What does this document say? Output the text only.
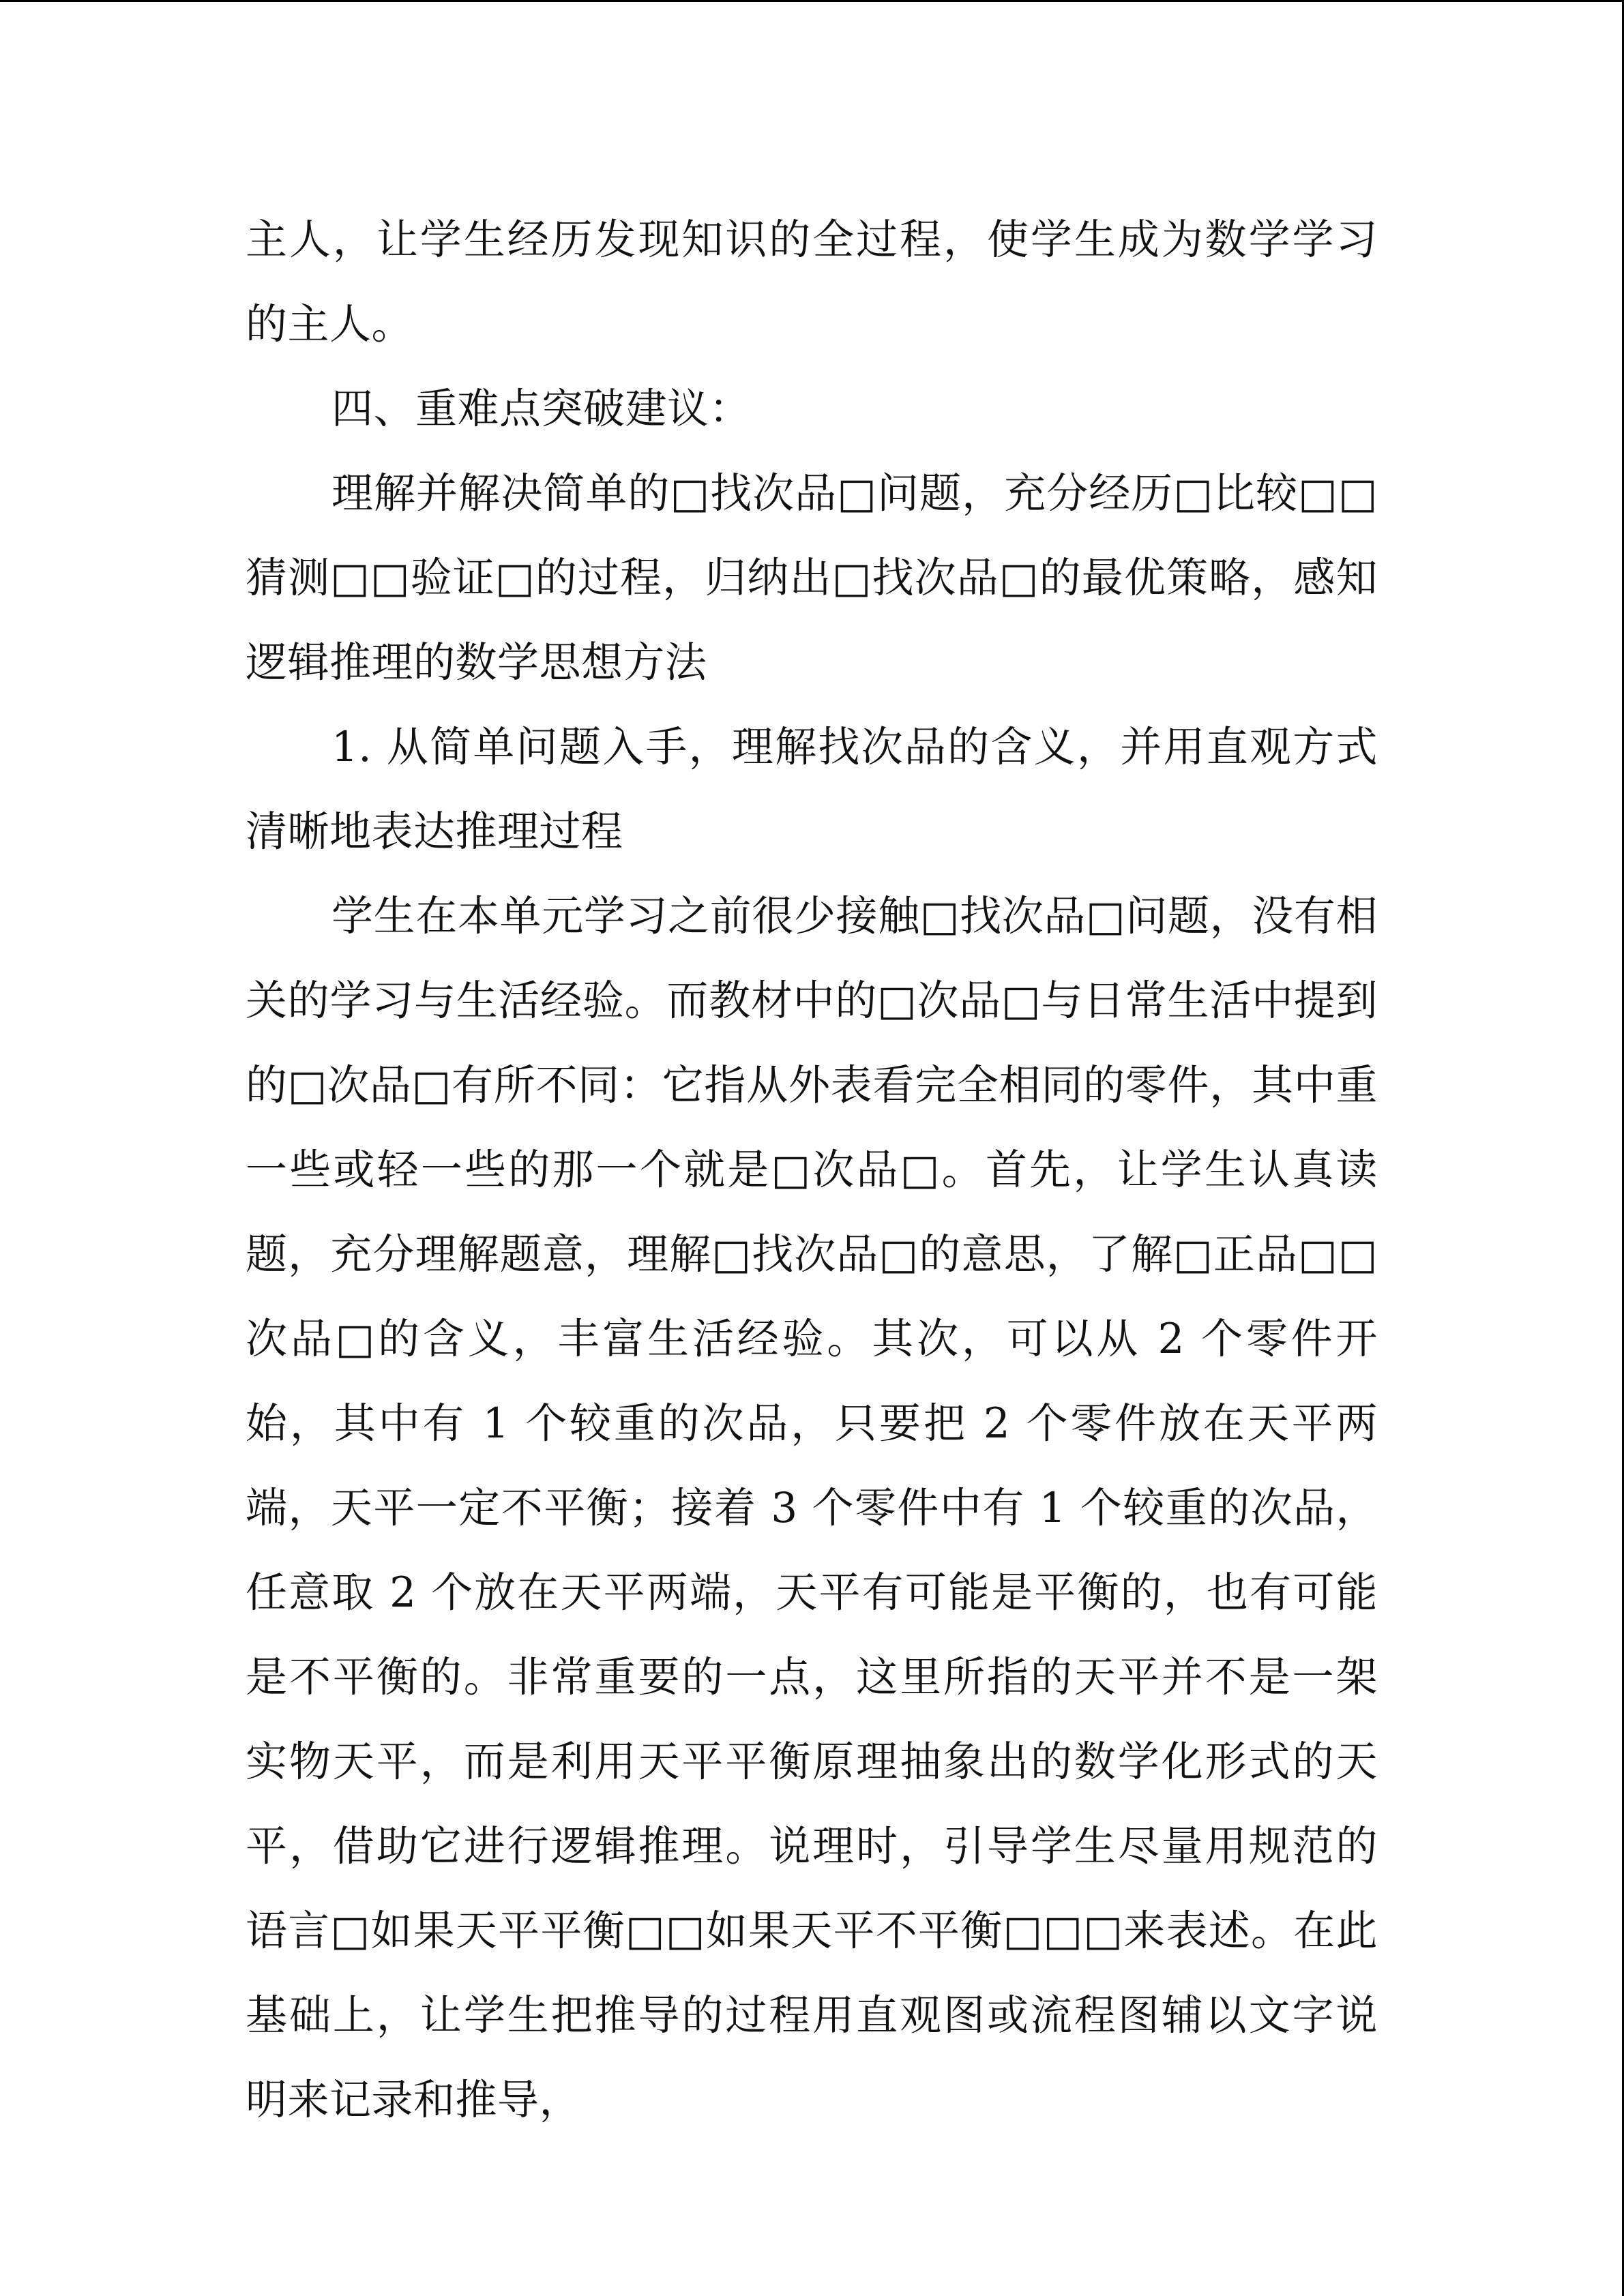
主人，让学生经历发现知识的全过程，使学生成为数学学习的主人。

四、重难点突破建议：

理解并解决简单的□找次品□问题，充分经历□比较□□猜测□□验证□的过程，归纳出□找次品□的最优策略，感知逻辑推理的数学思想方法

1. 从简单问题入手，理解找次品的含义，并用直观方式清晰地表达推理过程

学生在本单元学习之前很少接触□找次品□问题，没有相关的学习与生活经验。而教材中的□次品□与日常生活中提到的□次品□有所不同：它指从外表看完全相同的零件，其中重一些或轻一些的那一个就是□次品□。首先，让学生认真读题，充分理解题意，理解□找次品□的意思，了解□正品□□次品□的含义，丰富生活经验。其次，可以从 2 个零件开始，其中有 1 个较重的次品，只要把 2 个零件放在天平两端，天平一定不平衡；接着 3 个零件中有 1 个较重的次品，任意取 2 个放在天平两端，天平有可能是平衡的，也有可能是不平衡的。非常重要的一点，这里所指的天平并不是一架实物天平，而是利用天平平衡原理抽象出的数学化形式的天平，借助它进行逻辑推理。说理时，引导学生尽量用规范的语言□如果天平平衡□□如果天平不平衡□□□来表述。在此基础上，让学生把推导的过程用直观图或流程图辅以文字说明来记录和推导，
